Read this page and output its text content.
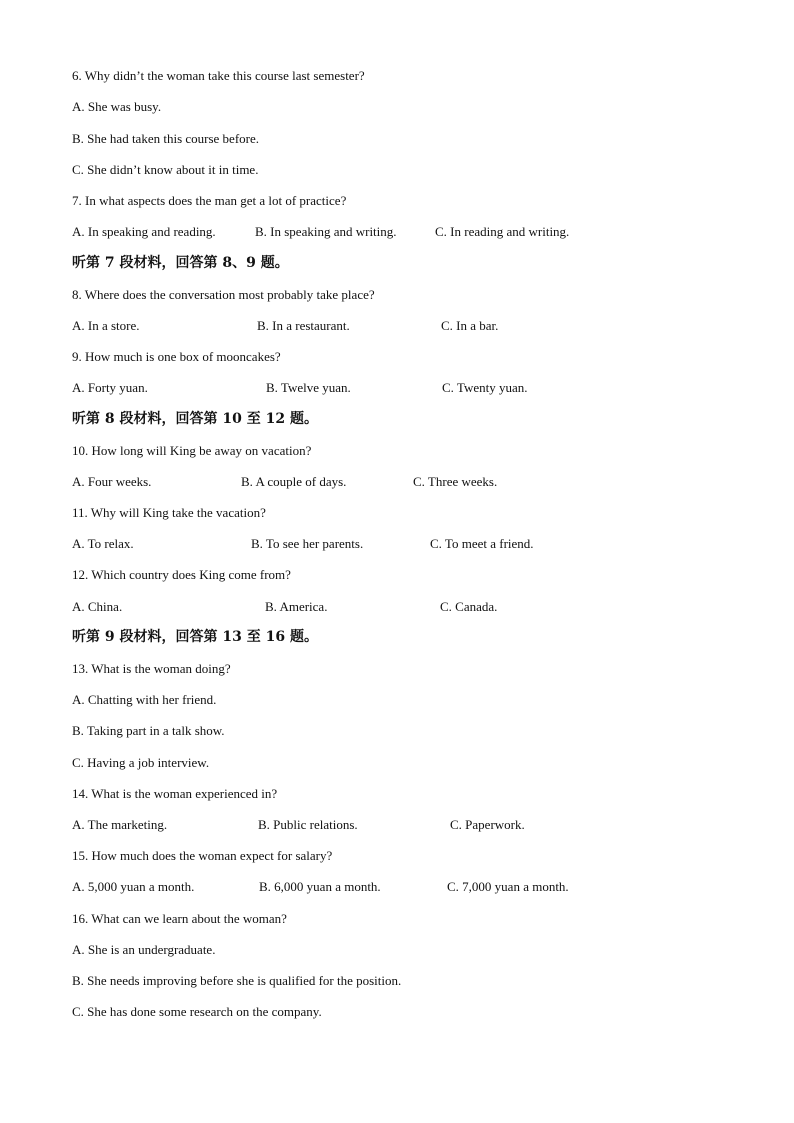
6. Why didn’t the woman take this course last semester?
A. She was busy.
B. She had taken this course before.
C. She didn’t know about it in time.
7. In what aspects does the man get a lot of practice?
A. In speaking and reading.	B. In speaking and writing.	C. In reading and writing.
听第 7 段材料，回答第 8、9 题。
8. Where does the conversation most probably take place?
A. In a store.	B. In a restaurant.	C. In a bar.
9. How much is one box of mooncakes?
A. Forty yuan.	B. Twelve yuan.	C. Twenty yuan.
听第 8 段材料，回答第 10 至 12 题。
10. How long will King be away on vacation?
A. Four weeks.	B. A couple of days.	C. Three weeks.
11. Why will King take the vacation?
A. To relax.	B. To see her parents.	C. To meet a friend.
12. Which country does King come from?
A. China.	B. America.	C. Canada.
听第 9 段材料，回答第 13 至 16 题。
13. What is the woman doing?
A. Chatting with her friend.
B. Taking part in a talk show.
C. Having a job interview.
14. What is the woman experienced in?
A. The marketing.	B. Public relations.	C. Paperwork.
15. How much does the woman expect for salary?
A. 5,000 yuan a month.	B. 6,000 yuan a month.	C. 7,000 yuan a month.
16. What can we learn about the woman?
A. She is an undergraduate.
B. She needs improving before she is qualified for the position.
C. She has done some research on the company.
